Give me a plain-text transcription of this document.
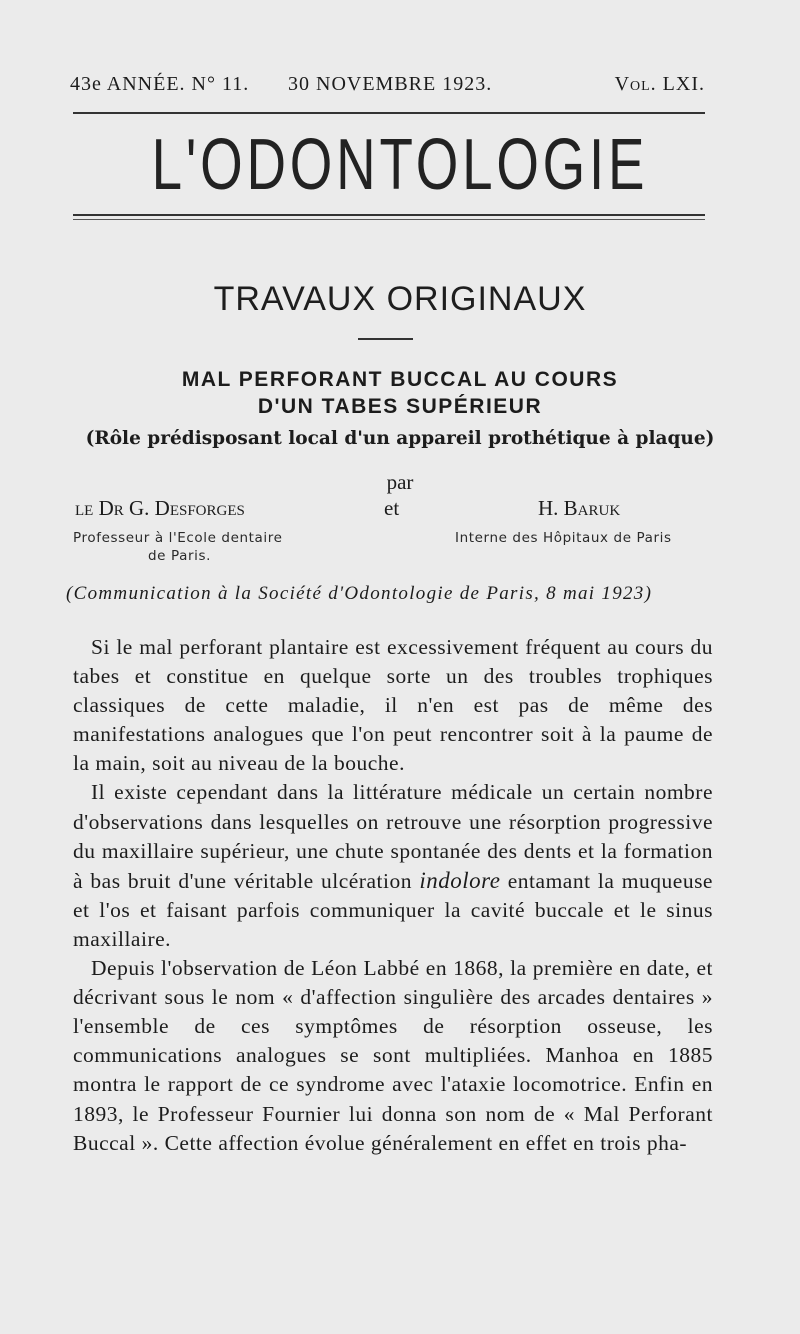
43e ANNÉE. N° 11. 30 NOVEMBRE 1923.	Vol. LXI.
L'ODONTOLOGIE
TRAVAUX ORIGINAUX
MAL PERFORANT BUCCAL AU COURS
D'UN TABES SUPÉRIEUR
(Rôle prédisposant local d'un appareil prothétique à plaque)
par
le Dr G. Desforges	et	H. Baruk
Professeur à l'Ecole dentaire
de Paris.
Interne des Hôpitaux de Paris
(Communication à la Société d'Odontologie de Paris, 8 mai 1923)

Si le mal perforant plantaire est excessivement fréquent au cours du tabes et constitue en quelque sorte un des troubles trophiques classiques de cette maladie, il n'en est pas de même des manifestations analogues que l'on peut rencontrer soit à la paume de la main, soit au niveau de la bouche.

Il existe cependant dans la littérature médicale un certain nombre d'observations dans lesquelles on retrouve une résorption progressive du maxillaire supérieur, une chute spontanée des dents et la formation à bas bruit d'une véritable ulcération indolore entamant la muqueuse et l'os et faisant parfois communiquer la cavité buccale et le sinus maxillaire.

Depuis l'observation de Léon Labbé en 1868, la première en date, et décrivant sous le nom « d'affection singulière des arcades dentaires » l'ensemble de ces symptômes de résorption osseuse, les communications analogues se sont multipliées. Manhoa en 1885 montra le rapport de ce syndrome avec l'ataxie locomotrice. Enfin en 1893, le Professeur Fournier lui donna son nom de « Mal Perforant Buccal ». Cette affection évolue généralement en effet en trois pha-
